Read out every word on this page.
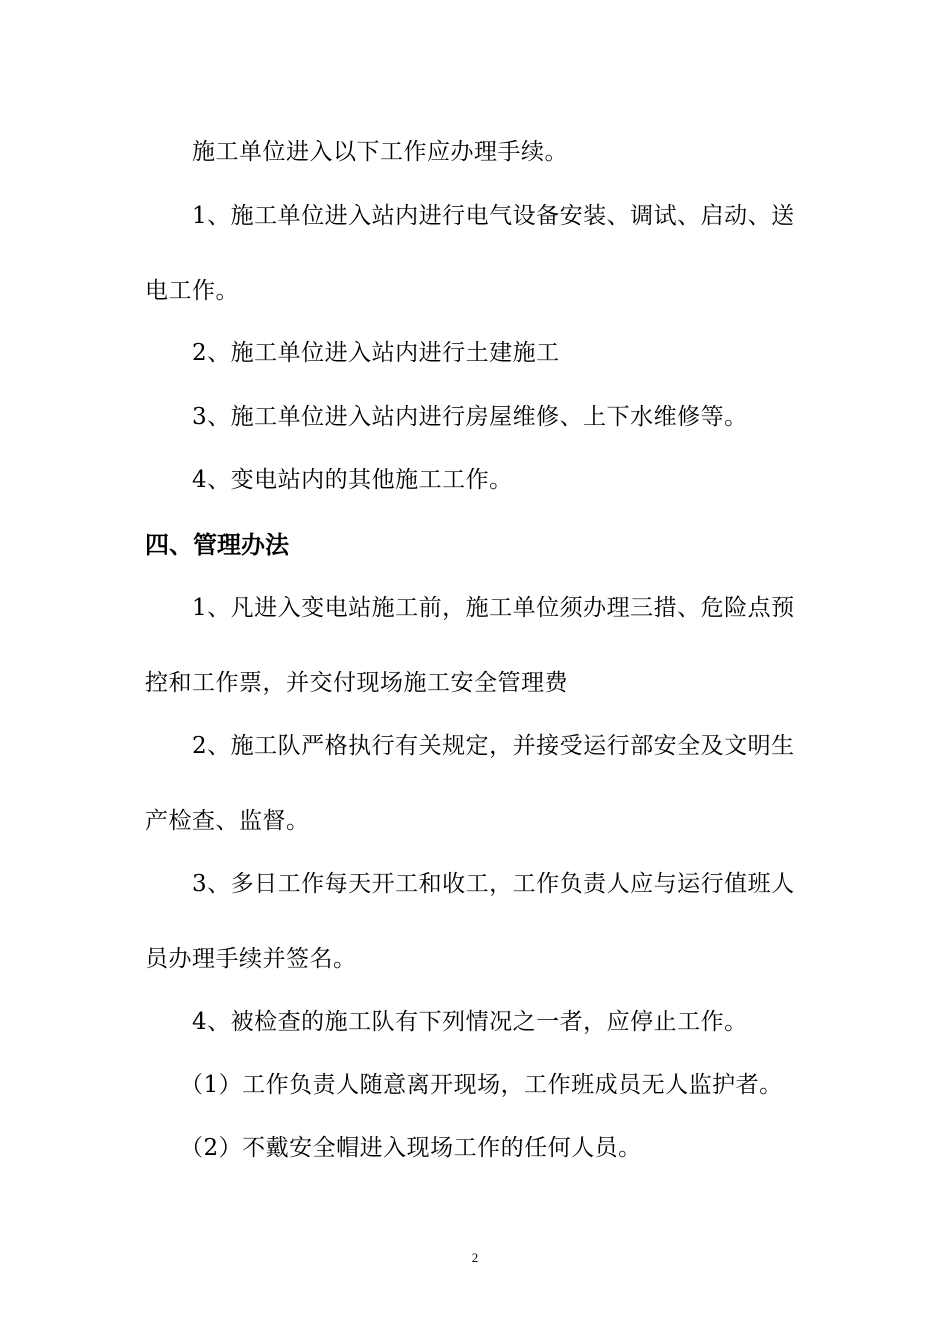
施工单位进入以下工作应办理手续。
1、施工单位进入站内进行电气设备安装、调试、启动、送
电工作。
2、施工单位进入站内进行土建施工
3、施工单位进入站内进行房屋维修、上下水维修等。
4、变电站内的其他施工工作。
四、管理办法
1、凡进入变电站施工前，施工单位须办理三措、危险点预
控和工作票，并交付现场施工安全管理费
2、施工队严格执行有关规定，并接受运行部安全及文明生
产检查、监督。
3、多日工作每天开工和收工，工作负责人应与运行值班人
员办理手续并签名。
4、被检查的施工队有下列情况之一者，应停止工作。
（1）工作负责人随意离开现场，工作班成员无人监护者。
（2）不戴安全帽进入现场工作的任何人员。
2
